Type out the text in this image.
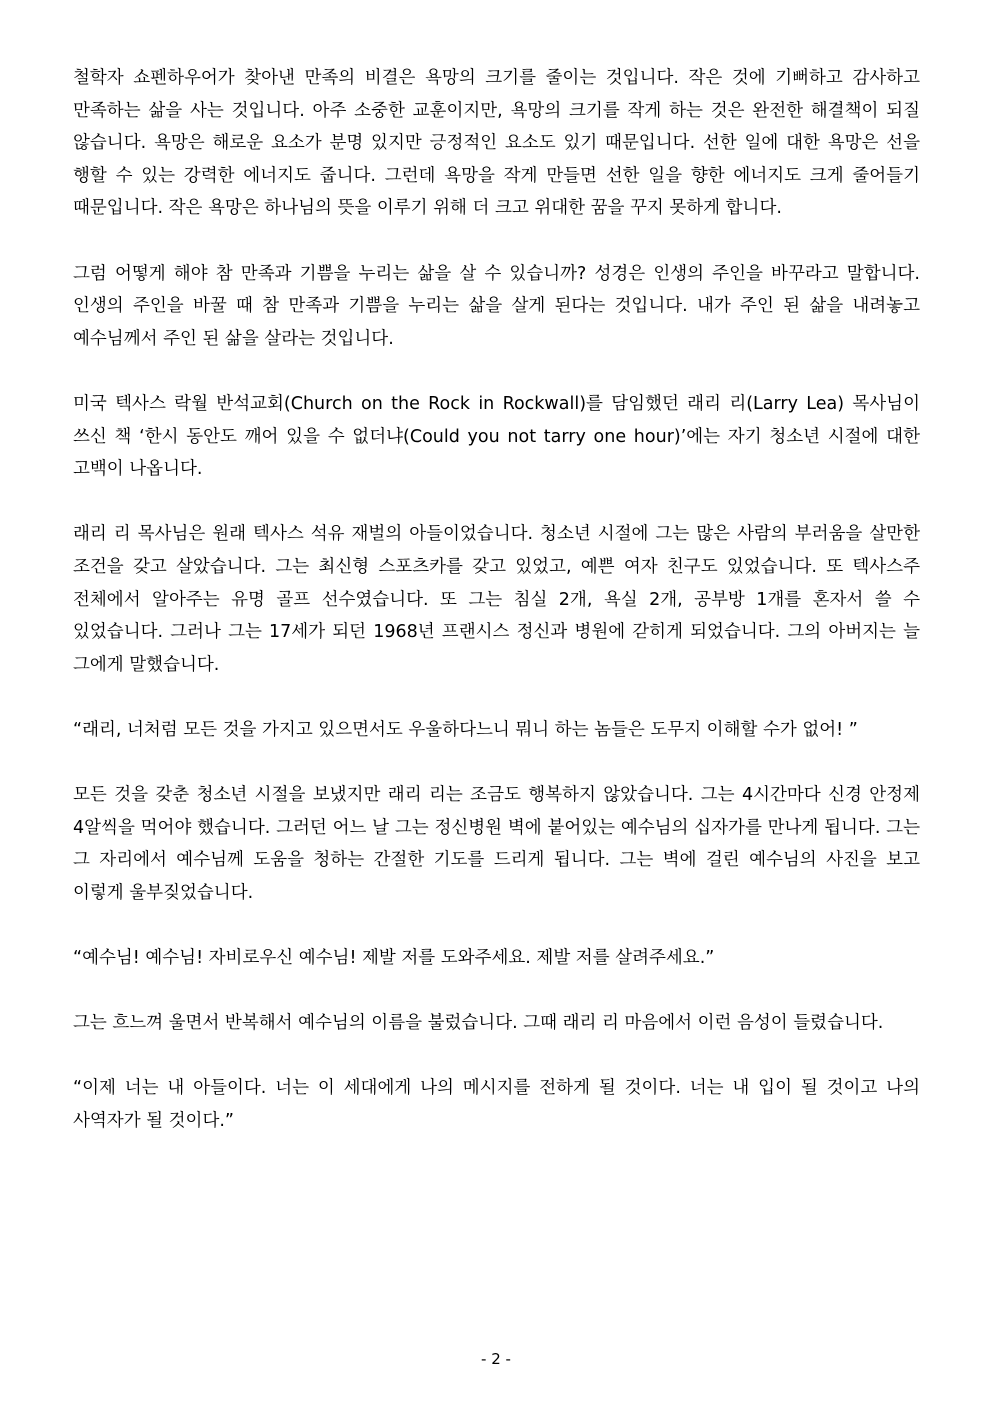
철학자 쇼펜하우어가 찾아낸 만족의 비결은 욕망의 크기를 줄이는 것입니다. 작은 것에 기뻐하고 감사하고 만족하는 삶을 사는 것입니다. 아주 소중한 교훈이지만, 욕망의 크기를 작게 하는 것은 완전한 해결책이 되질 않습니다. 욕망은 해로운 요소가 분명 있지만 긍정적인 요소도 있기 때문입니다. 선한 일에 대한 욕망은 선을 행할 수 있는 강력한 에너지도 줍니다. 그런데 욕망을 작게 만들면 선한 일을 향한 에너지도 크게 줄어들기 때문입니다. 작은 욕망은 하나님의 뜻을 이루기 위해 더 크고 위대한 꿈을 꾸지 못하게 합니다.

그럼 어떻게 해야 참 만족과 기쁨을 누리는 삶을 살 수 있습니까? 성경은 인생의 주인을 바꾸라고 말합니다. 인생의 주인을 바꿀 때 참 만족과 기쁨을 누리는 삶을 살게 된다는 것입니다. 내가 주인 된 삶을 내려놓고 예수님께서 주인 된 삶을 살라는 것입니다.

미국 텍사스 락월 반석교회(Church on the Rock in Rockwall)를 담임했던 래리 리(Larry Lea) 목사님이 쓰신 책 ‘한시 동안도 깨어 있을 수 없더냐(Could you not tarry one hour)’에는 자기 청소년 시절에 대한 고백이 나옵니다.

래리 리 목사님은 원래 텍사스 석유 재벌의 아들이었습니다. 청소년 시절에 그는 많은 사람의 부러움을 살만한 조건을 갖고 살았습니다. 그는 최신형 스포츠카를 갖고 있었고, 예쁜 여자 친구도 있었습니다. 또 텍사스주 전체에서 알아주는 유명 골프 선수였습니다. 또 그는 침실 2개, 욕실 2개, 공부방 1개를 혼자서 쓸 수 있었습니다. 그러나 그는 17세가 되던 1968년 프랜시스 정신과 병원에 갇히게 되었습니다. 그의 아버지는 늘 그에게 말했습니다.

“래리, 너처럼 모든 것을 가지고 있으면서도 우울하다느니 뭐니 하는 놈들은 도무지 이해할 수가 없어! ”

모든 것을 갖춘 청소년 시절을 보냈지만 래리 리는 조금도 행복하지 않았습니다. 그는 4시간마다 신경 안정제 4알씩을 먹어야 했습니다. 그러던 어느 날 그는 정신병원 벽에 붙어있는 예수님의 십자가를 만나게 됩니다. 그는 그 자리에서 예수님께 도움을 청하는 간절한 기도를 드리게 됩니다. 그는 벽에 걸린 예수님의 사진을 보고 이렇게 울부짖었습니다.

“예수님! 예수님! 자비로우신 예수님! 제발 저를 도와주세요. 제발 저를 살려주세요.”

그는 흐느껴 울면서 반복해서 예수님의 이름을 불렀습니다. 그때 래리 리 마음에서 이런 음성이 들렸습니다.

“이제 너는 내 아들이다. 너는 이 세대에게 나의 메시지를 전하게 될 것이다. 너는 내 입이 될 것이고 나의 사역자가 될 것이다.”

- 2 -
